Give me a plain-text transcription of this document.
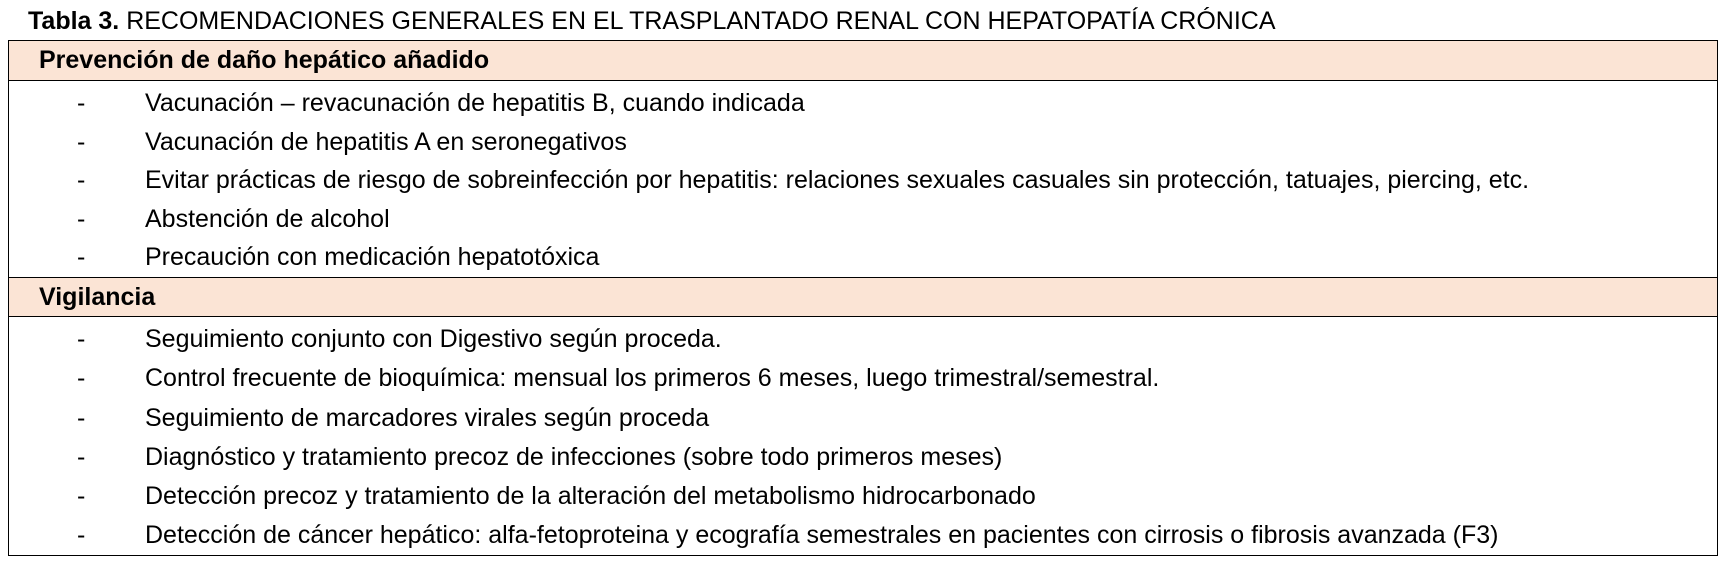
Tabla 3. RECOMENDACIONES GENERALES EN EL TRASPLANTADO RENAL CON HEPATOPATÍA CRÓNICA
Prevención de daño hepático añadido
- Vacunación – revacunación de hepatitis B, cuando indicada
- Vacunación de hepatitis A en seronegativos
- Evitar prácticas de riesgo de sobreinfección por hepatitis: relaciones sexuales casuales sin protección, tatuajes, piercing, etc.
- Abstención de alcohol
- Precaución con medicación hepatotóxica
Vigilancia
- Seguimiento conjunto con Digestivo según proceda.
- Control frecuente de bioquímica: mensual los primeros 6 meses, luego trimestral/semestral.
- Seguimiento de marcadores virales según proceda
- Diagnóstico y tratamiento precoz de infecciones (sobre todo primeros meses)
- Detección precoz y tratamiento de la alteración del metabolismo hidrocarbonado
- Detección de cáncer hepático: alfa-fetoproteina y ecografía semestrales en pacientes con cirrosis o fibrosis avanzada (F3)
